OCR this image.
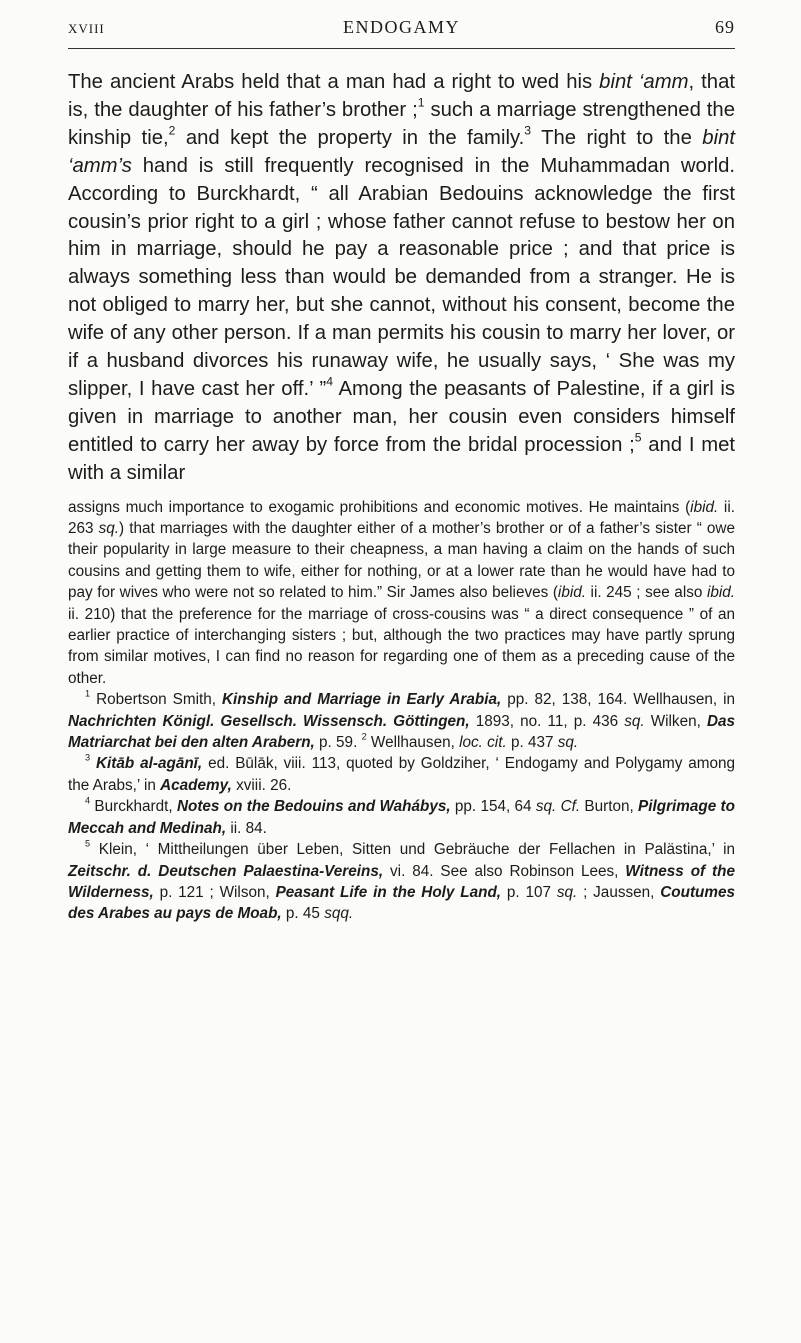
XVIII	ENDOGAMY	69

The ancient Arabs held that a man had a right to wed his bint ‘amm, that is, the daughter of his father’s brother ;$^1$ such a marriage strengthened the kinship tie,$^2$ and kept the property in the family.$^3$ The right to the bint ‘amm’s hand is still frequently recognised in the Muhammadan world. According to Burckhardt, “ all Arabian Bedouins acknowledge the first cousin’s prior right to a girl ; whose father cannot refuse to bestow her on him in marriage, should he pay a reasonable price ; and that price is always something less than would be demanded from a stranger. He is not obliged to marry her, but she cannot, without his consent, become the wife of any other person. If a man permits his cousin to marry her lover, or if a husband divorces his runaway wife, he usually says, ‘ She was my slipper, I have cast her off.’ ”$^4$ Among the peasants of Palestine, if a girl is given in marriage to another man, her cousin even considers himself entitled to carry her away by force from the bridal procession ;$^5$ and I met with a similar

assigns much importance to exogamic prohibitions and economic motives. He maintains (ibid. ii. 263 sq.) that marriages with the daughter either of a mother’s brother or of a father’s sister “ owe their popularity in large measure to their cheapness, a man having a claim on the hands of such cousins and getting them to wife, either for nothing, or at a lower rate than he would have had to pay for wives who were not so related to him.” Sir James also believes (ibid. ii. 245 ; see also ibid. ii. 210) that the preference for the marriage of cross-cousins was “ a direct consequence ” of an earlier practice of interchanging sisters ; but, although the two practices may have partly sprung from similar motives, I can find no reason for regarding one of them as a preceding cause of the other.

$^1$ Robertson Smith, Kinship and Marriage in Early Arabia, pp. 82, 138, 164. Wellhausen, in Nachrichten Königl. Gesellsch. Wissensch. Göttingen, 1893, no. 11, p. 436 sq. Wilken, Das Matriarchat bei den alten Arabern, p. 59. $^2$ Wellhausen, loc. cit. p. 437 sq.

$^3$ Kitāb al-agānī, ed. Būlāk, viii. 113, quoted by Goldziher, ‘ Endogamy and Polygamy among the Arabs,’ in Academy, xviii. 26.

$^4$ Burckhardt, Notes on the Bedouins and Wahábys, pp. 154, 64 sq. Cf. Burton, Pilgrimage to Meccah and Medinah, ii. 84.

$^5$ Klein, ‘ Mittheilungen über Leben, Sitten und Gebräuche der Fellachen in Palästina,’ in Zeitschr. d. Deutschen Palaestina-Vereins, vi. 84. See also Robinson Lees, Witness of the Wilderness, p. 121 ; Wilson, Peasant Life in the Holy Land, p. 107 sq. ; Jaussen, Coutumes des Arabes au pays de Moab, p. 45 sqq.
